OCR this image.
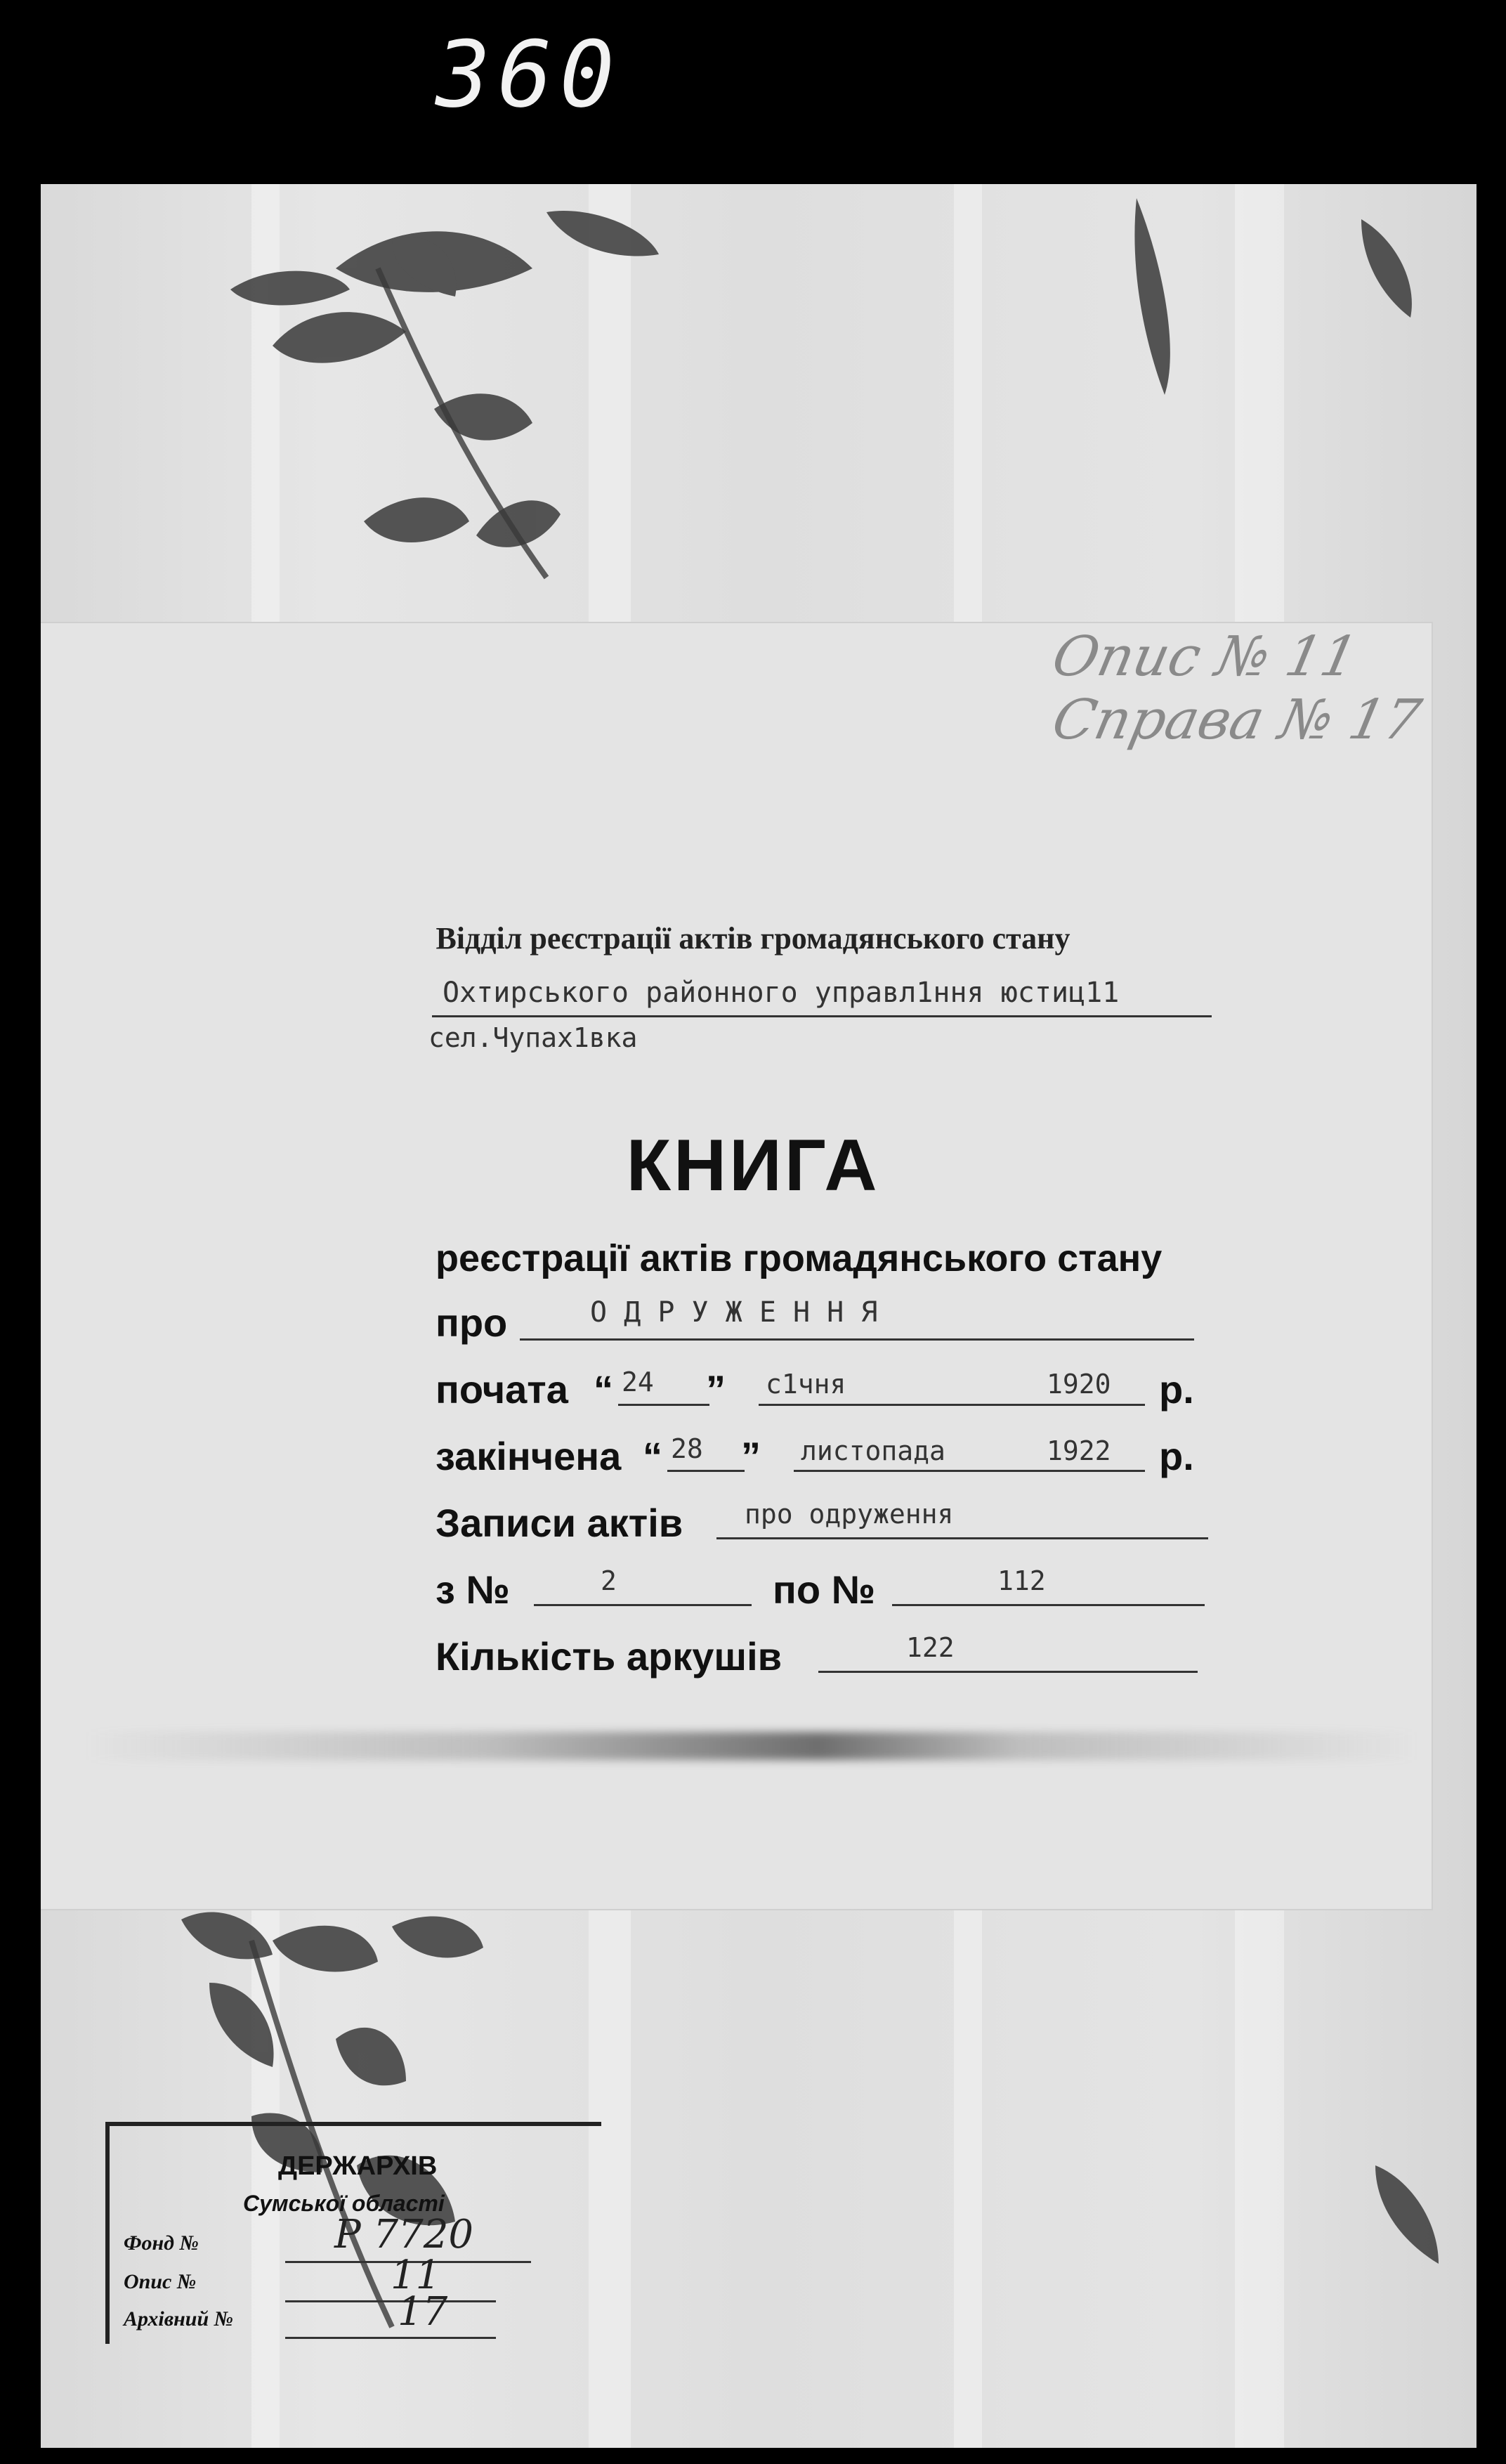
360
Опис № 11
Справа № 17
Відділ реєстрації актів громадянського стану
Охтирського районного управл1ння юстиц11
сел.Чупах1вка
КНИГА
реєстрації актів громадянського стану
про	О Д Р У Ж Е Н Н Я
почата “ 24 ” с1чня	1920 р.
закінчена “ 28 ” листопада	1922 р.
Записи актів про одруження
з №	2	по №	112
Кількість аркушів	122
ДЕРЖАРХІВ
Сумської області
Фонд №	Р 7720
Опис №	11
Архівний №	17
